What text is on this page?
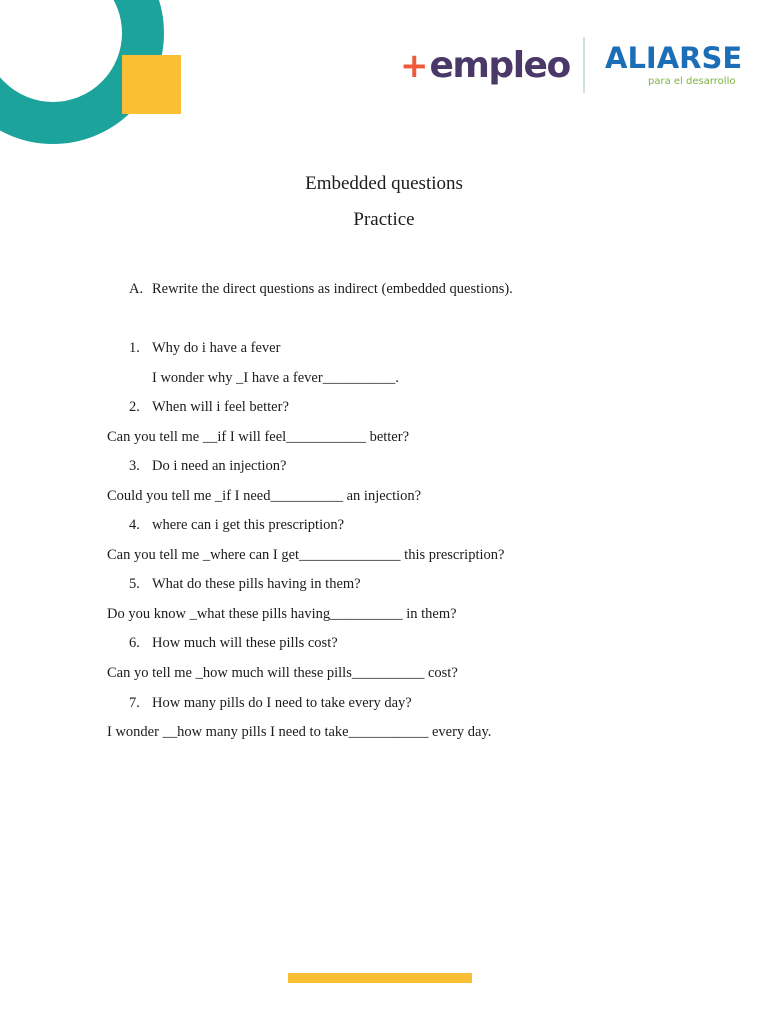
+ empleo ALIARSE
para el desarrollo
Embedded questions
Practice
A. Rewrite the direct questions as indirect (embedded questions).
1. Why do i have a fever
I wonder why _I have a fever__________.
2. When will i feel better?
Can you tell me __if I will feel___________ better?
3. Do i need an injection?
Could you tell me _if I need__________ an injection?
4. where can i get this prescription?
Can you tell me _where can I get______________ this prescription?
5. What do these pills having in them?
Do you know _what these pills having__________ in them?
6. How much will these pills cost?
Can yo tell me _how much will these pills__________ cost?
7. How many pills do I need to take every day?
I wonder __how many pills I need to take___________ every day.
